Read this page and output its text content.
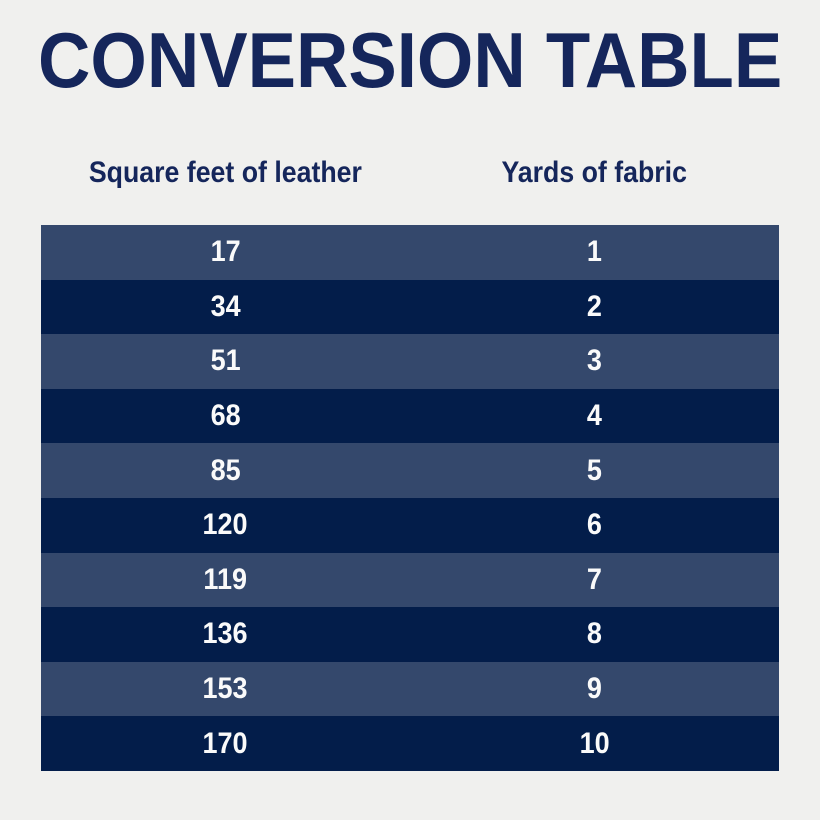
CONVERSION TABLE
Square feet of leather	Yards of fabric
17	1
34	2
51	3
68	4
85	5
120	6
119	7
136	8
153	9
170	10
